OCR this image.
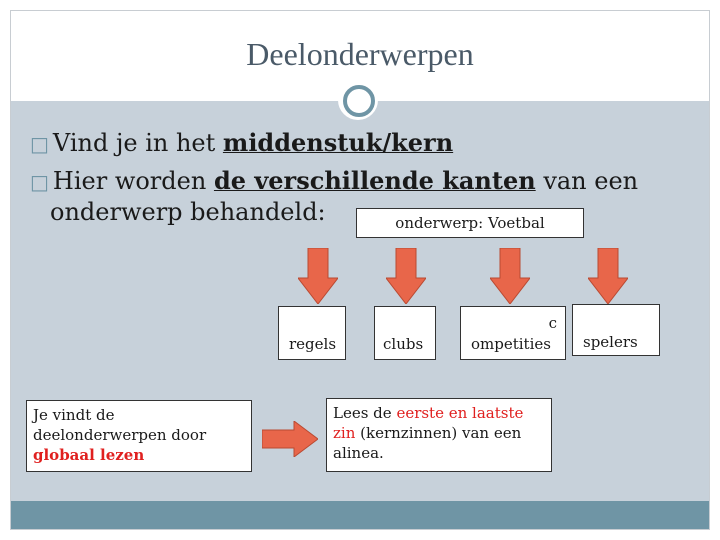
Deelonderwerpen
□ Vind je in het middenstuk/kern
□ Hier worden de verschillende kanten van een
onderwerp behandeld:	onderwerp: Voetbal
regels	clubs
c
ompetities spelers
Je vindt de
deelonderwerpen door
globaal lezen
Lees de eerste en laatste
zin (kernzinnen) van een
alinea.
